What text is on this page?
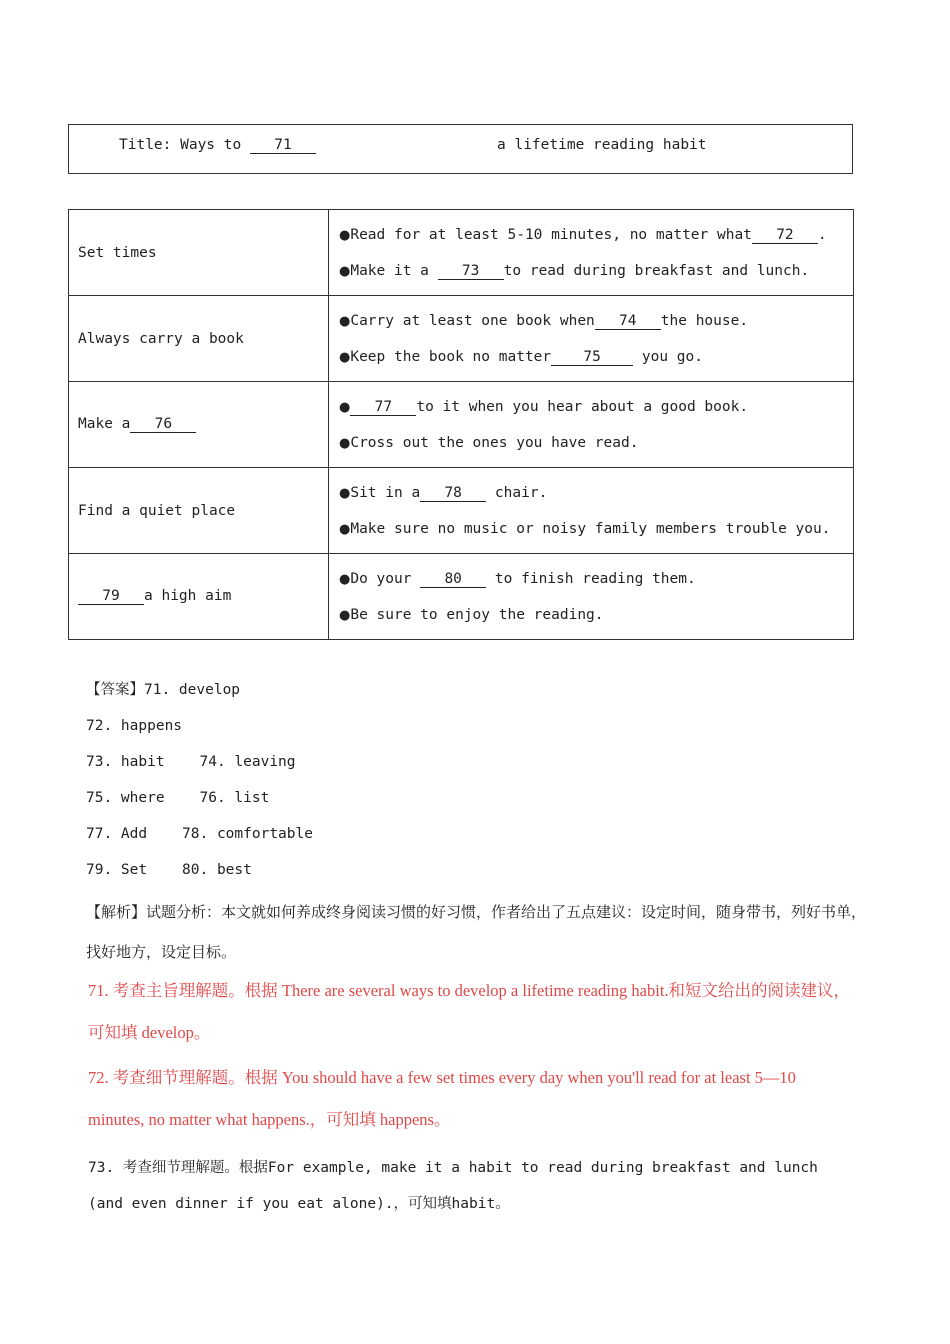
Title: Ways to 71	a lifetime reading habit
Set times	●Read for at least 5-10 minutes, no matter what 72 .
●Make it a 73 to read during breakfast and lunch.

Always carry a book	●Carry at least one book when 74 the house.
●Keep the book no matter 75 you go.

Make a 76	● 77 to it when you hear about a good book.
●Cross out the ones you have read.

Find a quiet place	●Sit in a 78 chair.
●Make sure no music or noisy family members trouble you.

79 a high aim	●Do your 80 to finish reading them.
●Be sure to enjoy the reading.
【答案】71. develop
72. happens
73. habit    74. leaving
75. where    76. list
77. Add    78. comfortable
79. Set    80. best
【解析】试题分析：本文就如何养成终身阅读习惯的好习惯，作者给出了五点建议：设定时间，随身带书，列好书单，找好地方，设定目标。
71. 考查主旨理解题。根据 There are several ways to develop a lifetime reading habit.和短文给出的阅读建议，
可知填 develop。
72. 考查细节理解题。根据 You should have a few set times every day when you'll read for at least 5—10
minutes, no matter what happens.，可知填 happens。
73. 考查细节理解题。根据For example, make it a habit to read during breakfast and lunch
(and even dinner if you eat alone).，可知填habit。
